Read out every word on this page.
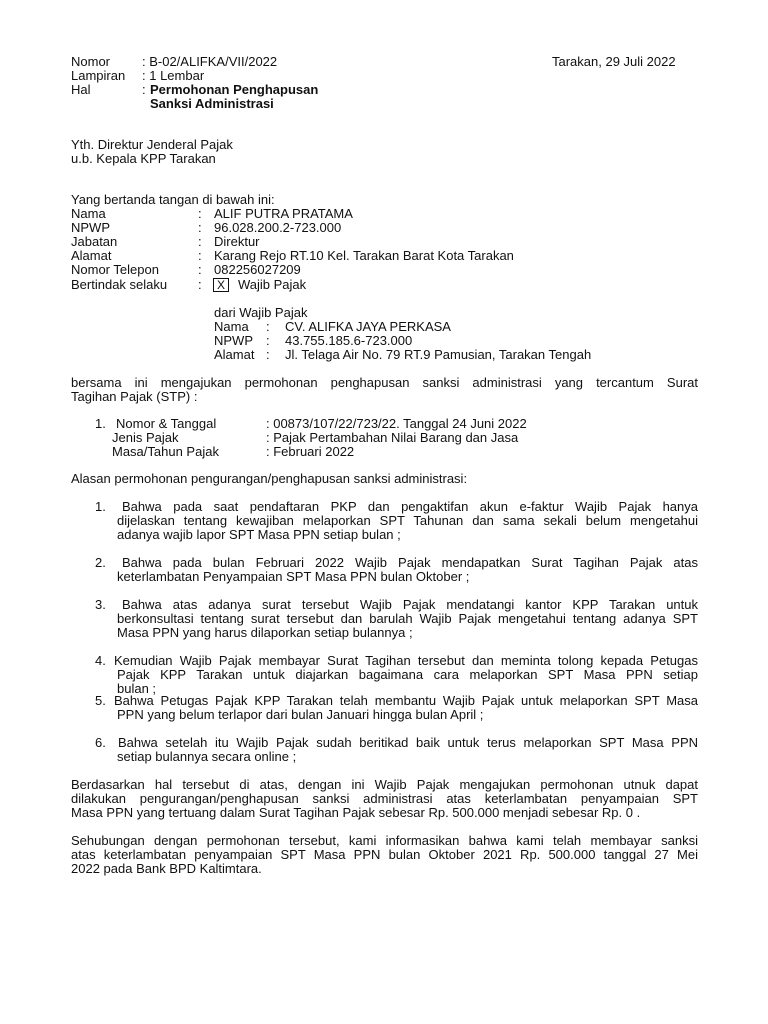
Nomor : B-02/ALIFKA/VII/2022	Tarakan, 29 Juli 2022
Lampiran : 1 Lembar
Hal	: Permohonan Penghapusan
Sanksi Administrasi
Yth. Direktur Jenderal Pajak
u.b. Kepala KPP Tarakan
Yang bertanda tangan di bawah ini:
Nama	: ALIF PUTRA PRATAMA
NPWP	: 96.028.200.2-723.000
Jabatan	: Direktur
Alamat	: Karang Rejo RT.10 Kel. Tarakan Barat Kota Tarakan
Nomor Telepon	: 082256027209
Bertindak selaku :	X	Wajib Pajak
dari Wajib Pajak
Nama : CV. ALIFKA JAYA PERKASA
NPWP : 43.755.185.6-723.000
Alamat : Jl. Telaga Air No. 79 RT.9 Pamusian, Tarakan Tengah
bersama ini mengajukan permohonan penghapusan sanksi administrasi yang tercantum Surat
Tagihan Pajak (STP) :
1. Nomor & Tanggal	: 00873/107/22/723/22. Tanggal 24 Juni 2022
Jenis Pajak	: Pajak Pertambahan Nilai Barang dan Jasa
Masa/Tahun Pajak	: Februari 2022
Alasan permohonan pengurangan/penghapusan sanksi administrasi:
1. Bahwa pada saat pendaftaran PKP dan pengaktifan akun e-faktur Wajib Pajak hanya
dijelaskan tentang kewajiban melaporkan SPT Tahunan dan sama sekali belum mengetahui
adanya wajib lapor SPT Masa PPN setiap bulan ;
2. Bahwa pada bulan Februari 2022 Wajib Pajak mendapatkan Surat Tagihan Pajak atas
keterlambatan Penyampaian SPT Masa PPN bulan Oktober ;
3. Bahwa atas adanya surat tersebut Wajib Pajak mendatangi kantor KPP Tarakan untuk
berkonsultasi tentang surat tersebut dan barulah Wajib Pajak mengetahui tentang adanya SPT
Masa PPN yang harus dilaporkan setiap bulannya ;
4. Kemudian Wajib Pajak membayar Surat Tagihan tersebut dan meminta tolong kepada Petugas
Pajak KPP Tarakan untuk diajarkan bagaimana cara melaporkan SPT Masa PPN setiap
bulan ;
5. Bahwa Petugas Pajak KPP Tarakan telah membantu Wajib Pajak untuk melaporkan SPT Masa
PPN yang belum terlapor dari bulan Januari hingga bulan April ;
6. Bahwa setelah itu Wajib Pajak sudah beritikad baik untuk terus melaporkan SPT Masa PPN
setiap bulannya secara online ;
Berdasarkan hal tersebut di atas, dengan ini Wajib Pajak mengajukan permohonan utnuk dapat
dilakukan pengurangan/penghapusan sanksi administrasi atas keterlambatan penyampaian SPT
Masa PPN yang tertuang dalam Surat Tagihan Pajak sebesar Rp. 500.000 menjadi sebesar Rp. 0 .
Sehubungan dengan permohonan tersebut, kami informasikan bahwa kami telah membayar sanksi
atas keterlambatan penyampaian SPT Masa PPN bulan Oktober 2021 Rp. 500.000 tanggal 27 Mei
2022 pada Bank BPD Kaltimtara.
